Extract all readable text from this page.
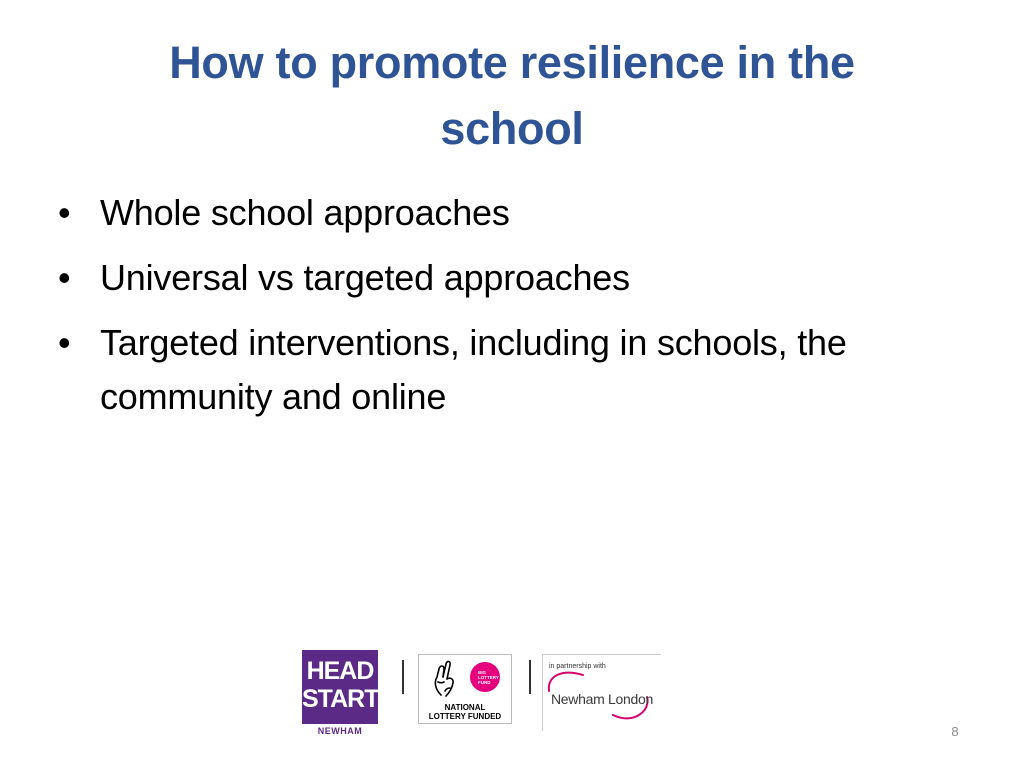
How to promote resilience in the school
• Whole school approaches
• Universal vs targeted approaches
• Targeted interventions, including in schools, the community and online
HEAD
START
NEWHAM
BIG LOTTERY FUND
NATIONAL
LOTTERY FUNDED
in partnership with
Newham London
8
